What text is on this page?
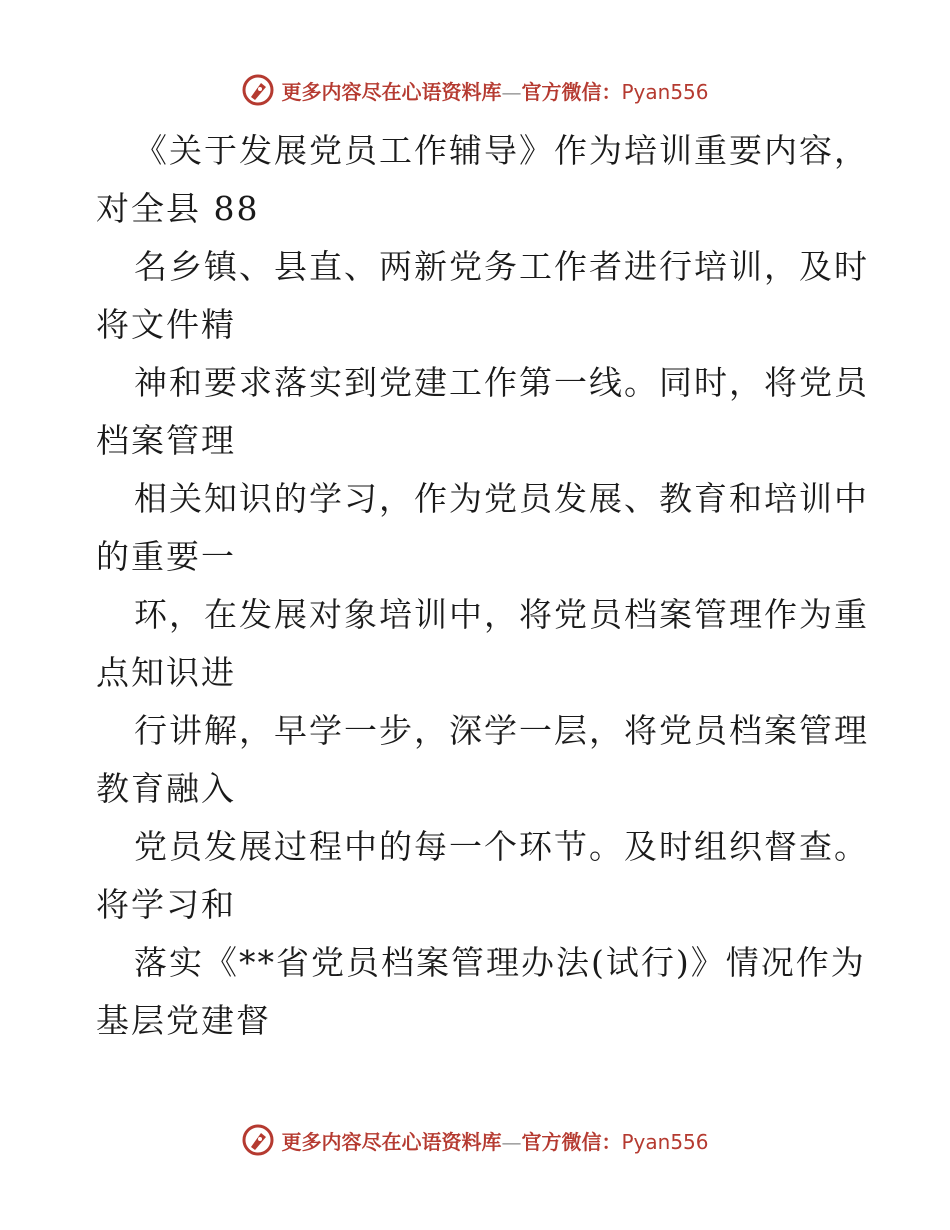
更多内容尽在心语资料库—官方微信：Pyan556
《关于发展党员工作辅导》作为培训重要内容，
对全县 88
名乡镇、县直、两新党务工作者进行培训，及时
将文件精
神和要求落实到党建工作第一线。同时，将党员
档案管理
相关知识的学习，作为党员发展、教育和培训中
的重要一
环，在发展对象培训中，将党员档案管理作为重
点知识进
行讲解，早学一步，深学一层，将党员档案管理
教育融入
党员发展过程中的每一个环节。及时组织督查。
将学习和
落实《**省党员档案管理办法(试行)》情况作为
基层党建督
更多内容尽在心语资料库—官方微信：Pyan556
